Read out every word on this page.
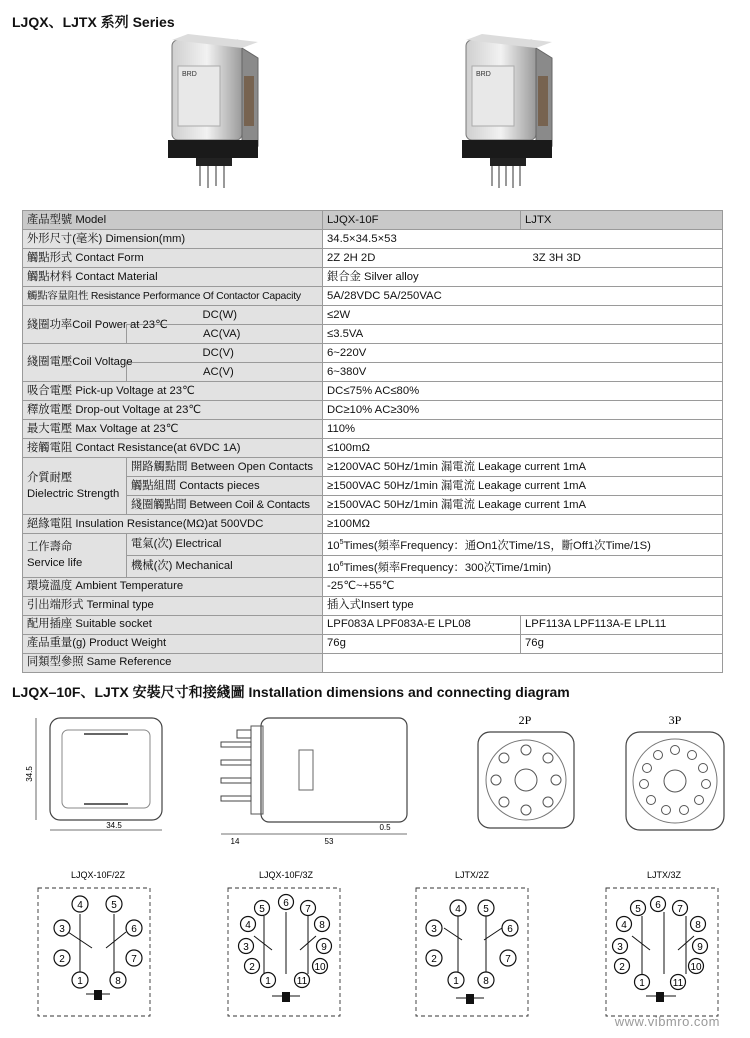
LJQX、LJTX 系列 Series
BRD	BRD
產品型號 Model		LJQX-10F	LJTX
外形尺寸(毫米) Dimension(mm)		34.5×34.5×53	
觸點形式 Contact Form		2Z 2H 2D	3Z 3H 3D
觸點材料 Contact Material		銀合金 Silver alloy	
觸點容量阻性 Resistance Performance Of Contactor Capacity		5A/28VDC 5A/250VAC	
綫圈功率Coil Power at 23℃	DC(W)	≤2W	
	AC(VA)	≤3.5VA	
綫圈電壓Coil Voltage	DC(V)	6~220V	
	AC(V)	6~380V	
吸合電壓 Pick-up Voltage at 23℃		DC≤75% AC≤80%	
釋放電壓 Drop-out Voltage at 23℃		DC≥10% AC≥30%	
最大電壓 Max Voltage at 23℃		110%	
接觸電阻 Contact Resistance(at 6VDC 1A)		≤100mΩ	

介質耐壓
Dielectric Strength	開路觸點間 Between Open Contacts	≥1200VAC 50Hz/1min 漏電流 Leakage current 1mA	
	觸點組間 Contacts pieces	≥1500VAC 50Hz/1min 漏電流 Leakage current 1mA	
	綫圈觸點間 Between Coil & Contacts	≥1500VAC 50Hz/1min 漏電流 Leakage current 1mA	
絕緣電阻 Insulation Resistance(MΩ)at 500VDC		≥100MΩ	

工作壽命
Service life	電氣(次) Electrical	$10^5Times$(頻率Frequency：通On1次Time/1S，斷Off1次Time/1S)	
	機械(次) Mechanical	$10^6Times$(頻率Frequency：300次Time/1min)	
環境溫度 Ambient Temperature		-25℃~+55℃	
引出端形式 Terminal type		插入式Insert type	
配用插座 Suitable socket		LPF083A LPF083A-E LPL08	LPF113A LPF113A-E LPL11
產品重量(g) Product Weight		76g	76g
同類型參照 Same Reference			
LJQX–10F、LJTX 安裝尺寸和接綫圖 Installation dimensions and connecting diagram
34.5
34.5
14	53
0.5
2P	3P
LJQX-10F/2Z
4	5
3	6
2	7
1	8
LJQX-10F/3Z
5
6
7
4	8
3	9
2	10
1	11
LJTX/2Z
4 5
3	6
2	7
1 8
LJTX/3Z
5 6 7
4	8
3	9
2	10
1	11
www.vibmro.com
